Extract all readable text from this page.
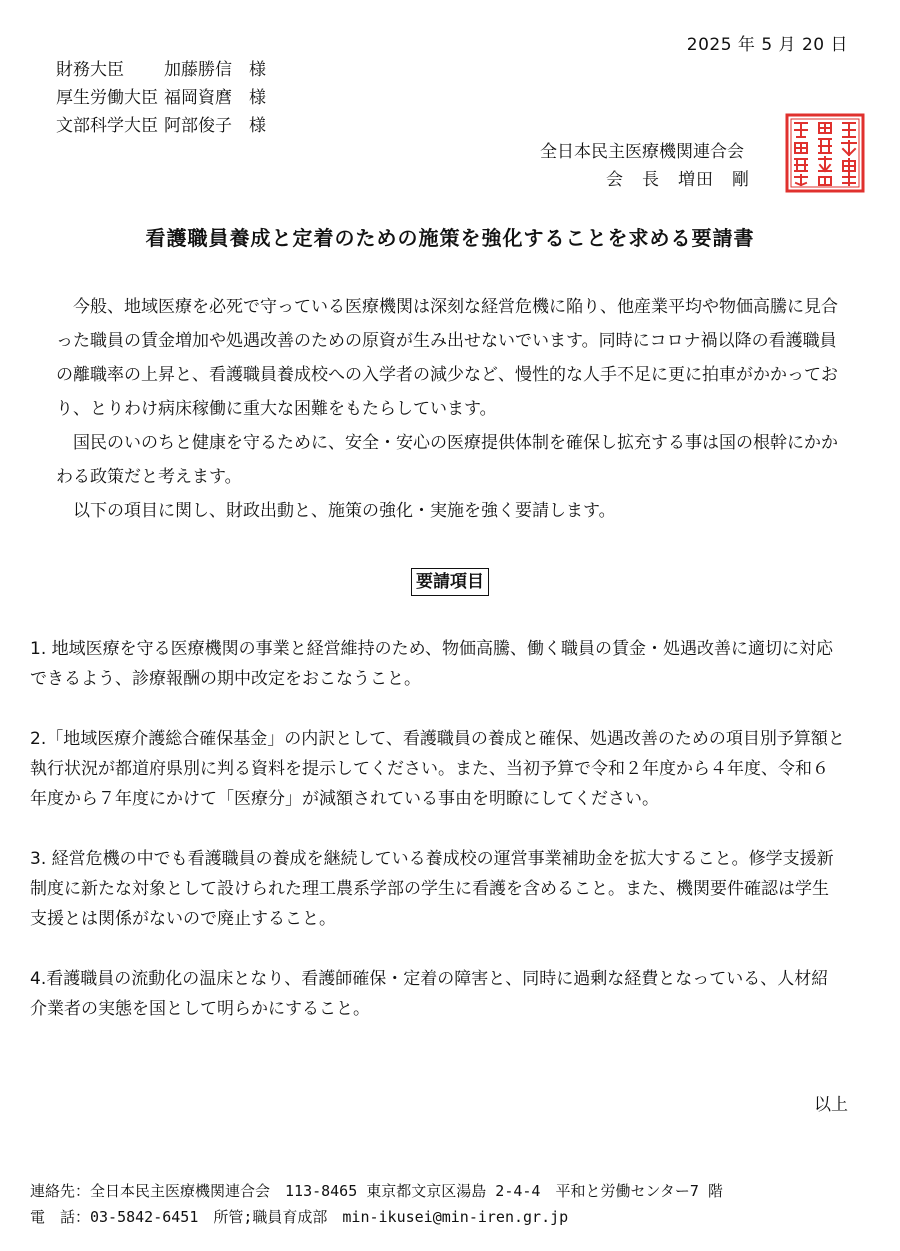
2025 年 5 月 20 日
財務大臣	加藤勝信　様
厚生労働大臣 福岡資麿　様
文部科学大臣 阿部俊子　様
全日本民主医療機関連合会
会　長　増田　剛
看護職員養成と定着のための施策を強化することを求める要請書

今般、地域医療を必死で守っている医療機関は深刻な経営危機に陥り、他産業平均や物価高騰に見合った職員の賃金増加や処遇改善のための原資が生み出せないでいます。同時にコロナ禍以降の看護職員の離職率の上昇と、看護職員養成校への入学者の減少など、慢性的な人手不足に更に拍車がかかっており、とりわけ病床稼働に重大な困難をもたらしています。

国民のいのちと健康を守るために、安全・安心の医療提供体制を確保し拡充する事は国の根幹にかかわる政策だと考えます。

以下の項目に関し、財政出動と、施策の強化・実施を強く要請します。

要請項目
1. 地域医療を守る医療機関の事業と経営維持のため、物価高騰、働く職員の賃金・処遇改善に適切に対応できるよう、診療報酬の期中改定をおこなうこと。
2.「地域医療介護総合確保基金」の内訳として、看護職員の養成と確保、処遇改善のための項目別予算額と執行状況が都道府県別に判る資料を提示してください。また、当初予算で令和２年度から４年度、令和６年度から７年度にかけて「医療分」が減額されている事由を明瞭にしてください。
3. 経営危機の中でも看護職員の養成を継続している養成校の運営事業補助金を拡大すること。修学支援新制度に新たな対象として設けられた理工農系学部の学生に看護を含めること。また、機関要件確認は学生支援とは関係がないので廃止すること。
4.看護職員の流動化の温床となり、看護師確保・定着の障害と、同時に過剰な経費となっている、人材紹介業者の実態を国として明らかにすること。
以上
連絡先：全日本民主医療機関連合会　113-8465 東京都文京区湯島 2-4-4　平和と労働センター7 階
電　話：03-5842-6451　所管;職員育成部　min-ikusei@min-iren.gr.jp
